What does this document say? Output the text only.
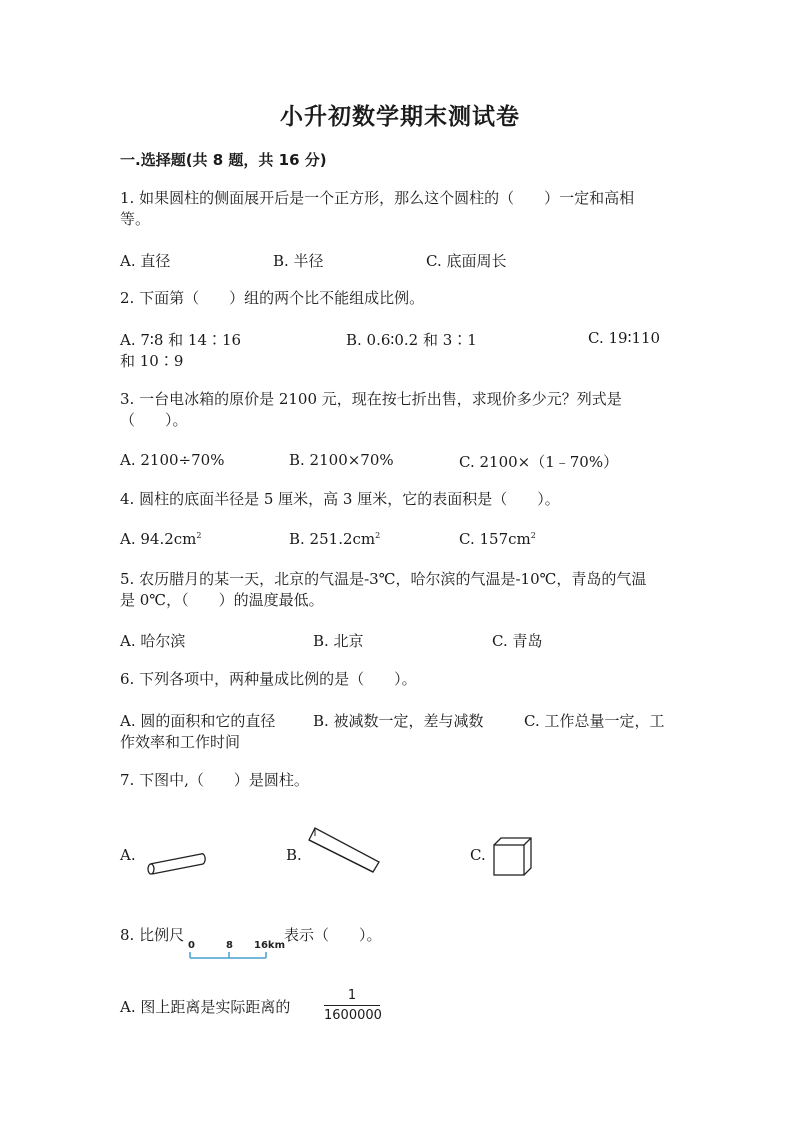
小升初数学期末测试卷
一.选择题(共 8 题，共 16 分)
1. 如果圆柱的侧面展开后是一个正方形，那么这个圆柱的（　　）一定和高相
等。
A. 直径	B. 半径	C. 底面周长
2. 下面第（　　）组的两个比不能组成比例。
A. 7∶8 和 14∶16	B. 0.6∶0.2 和 3∶1	C. 19∶110
和 10∶9
3. 一台电冰箱的原价是 2100 元，现在按七折出售，求现价多少元？列式是
（　　）。
A. 2100÷70%	B. 2100×70%	C. 2100×（1﹣70%）
4. 圆柱的底面半径是 5 厘米，高 3 厘米，它的表面积是（　　）。
A. $94.2cm^2$	B. $251.2cm^2$	C. $157cm^2$
5. 农历腊月的某一天，北京的气温是-3℃，哈尔滨的气温是-10℃，青岛的气温
是 0℃，（　　）的温度最低。
A. 哈尔滨	B. 北京	C. 青岛
6. 下列各项中，两种量成比例的是（　　）。
A. 圆的面积和它的直径	B. 被减数一定，差与减数	C. 工作总量一定，工
作效率和工作时间
7. 下图中,（　　）是圆柱。
A.	B.	C.
8. 比例尺	表示（　　）。
0	8 16km
A. 图上距离是实际距离的
1
1600000
